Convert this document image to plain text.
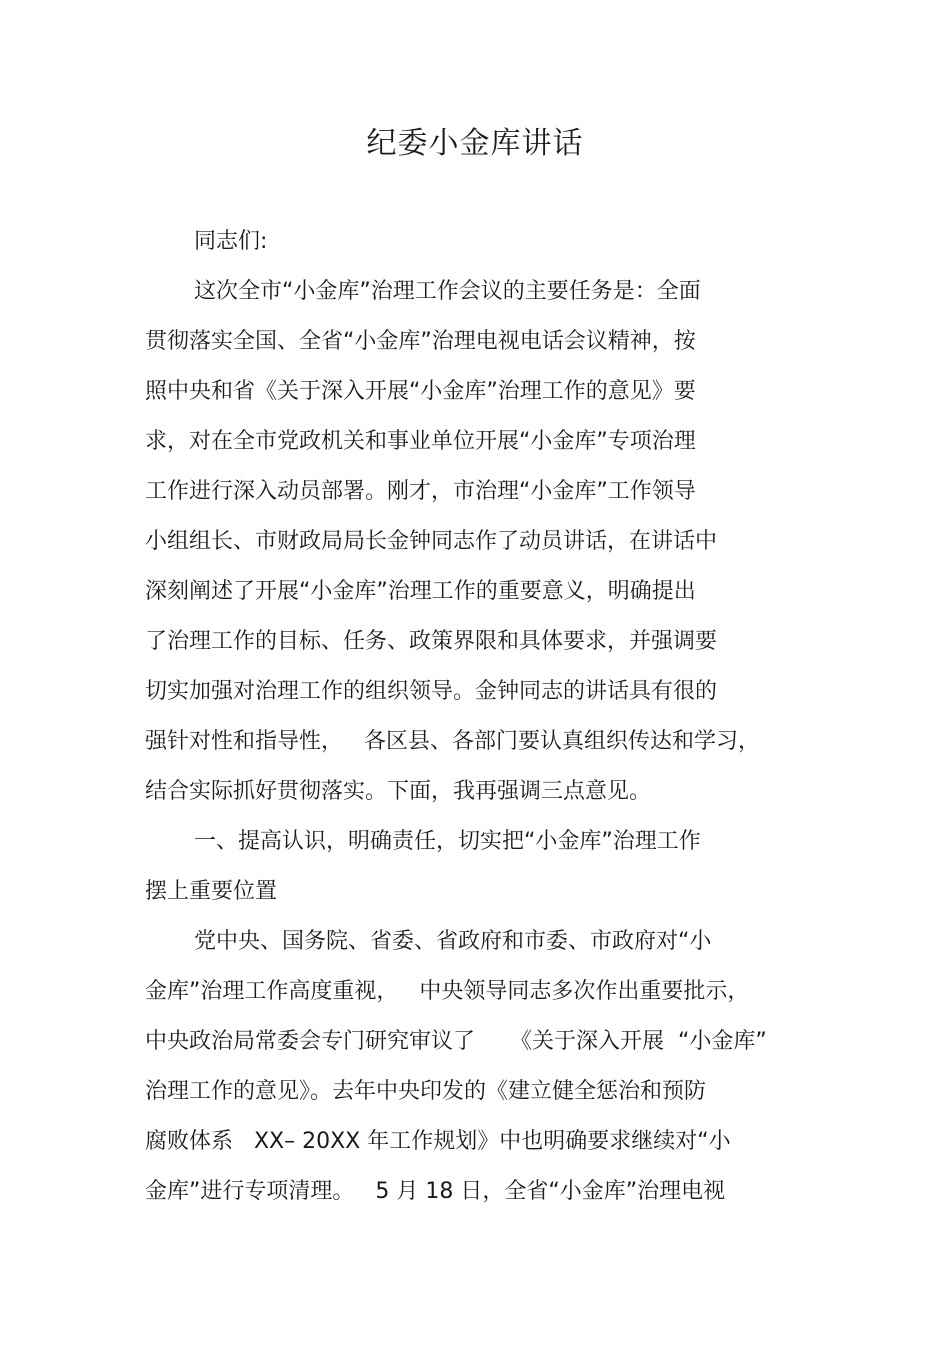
纪委小金库讲话

同志们:

这次全市“小金库”治理工作会议的主要任务是：全面

贯彻落实全国、全省“小金库”治理电视电话会议精神，按

照中央和省《关于深入开展“小金库”治理工作的意见》要

求，对在全市党政机关和事业单位开展“小金库”专项治理

工作进行深入动员部署。刚才，市治理“小金库”工作领导

小组组长、市财政局局长金钟同志作了动员讲话，在讲话中

深刻阐述了开展“小金库”治理工作的重要意义，明确提出

了治理工作的目标、任务、政策界限和具体要求，并强调要

切实加强对治理工作的组织领导。金钟同志的讲话具有很的

强针对性和指导性，   各区县、各部门要认真组织传达和学习，

结合实际抓好贯彻落实。下面，我再强调三点意见。

一、提高认识，明确责任，切实把“小金库”治理工作

摆上重要位置

党中央、国务院、省委、省政府和市委、市政府对“小

金库”治理工作高度重视，   中央领导同志多次作出重要批示，

中央政治局常委会专门研究审议了     《关于深入开展  “小金库”

治理工作的意见》。去年中央印发的《建立健全惩治和预防

腐败体系   XX– 20XX 年工作规划》中也明确要求继续对“小

金库”进行专项清理。   5 月 18 日，全省“小金库”治理电视
